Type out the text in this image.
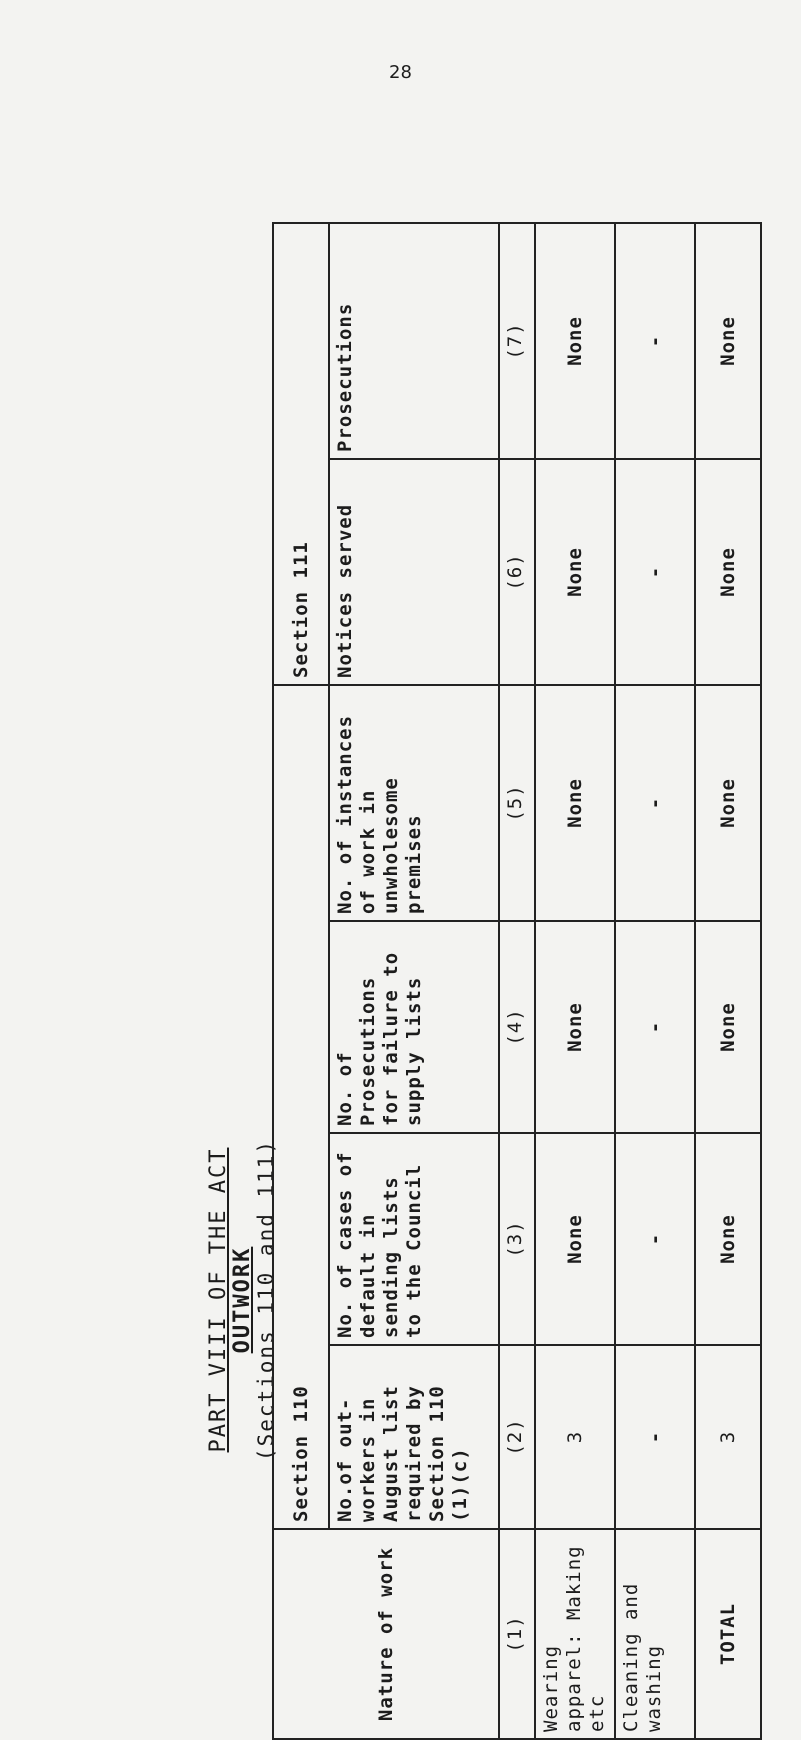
28
PART VIII OF THE ACT OUTWORK (Sections 110 and 111)
Nature of work	Section 110				Section 111	
	No.of out-workers in August list required by Section 110 (1)(c)	No. of cases of default in sending lists to the Council	No. of Prosecutions for failure to supply lists	No. of instances of work in unwholesome premises	Notices served	Prosecutions
(1)	(2)	(3)	(4)	(5)	(6)	(7)
Wearing apparel: Making etc	3	None	None	None	None	None
Cleaning and washing	-	-	-	-	-	-
TOTAL	3	None	None	None	None	None
